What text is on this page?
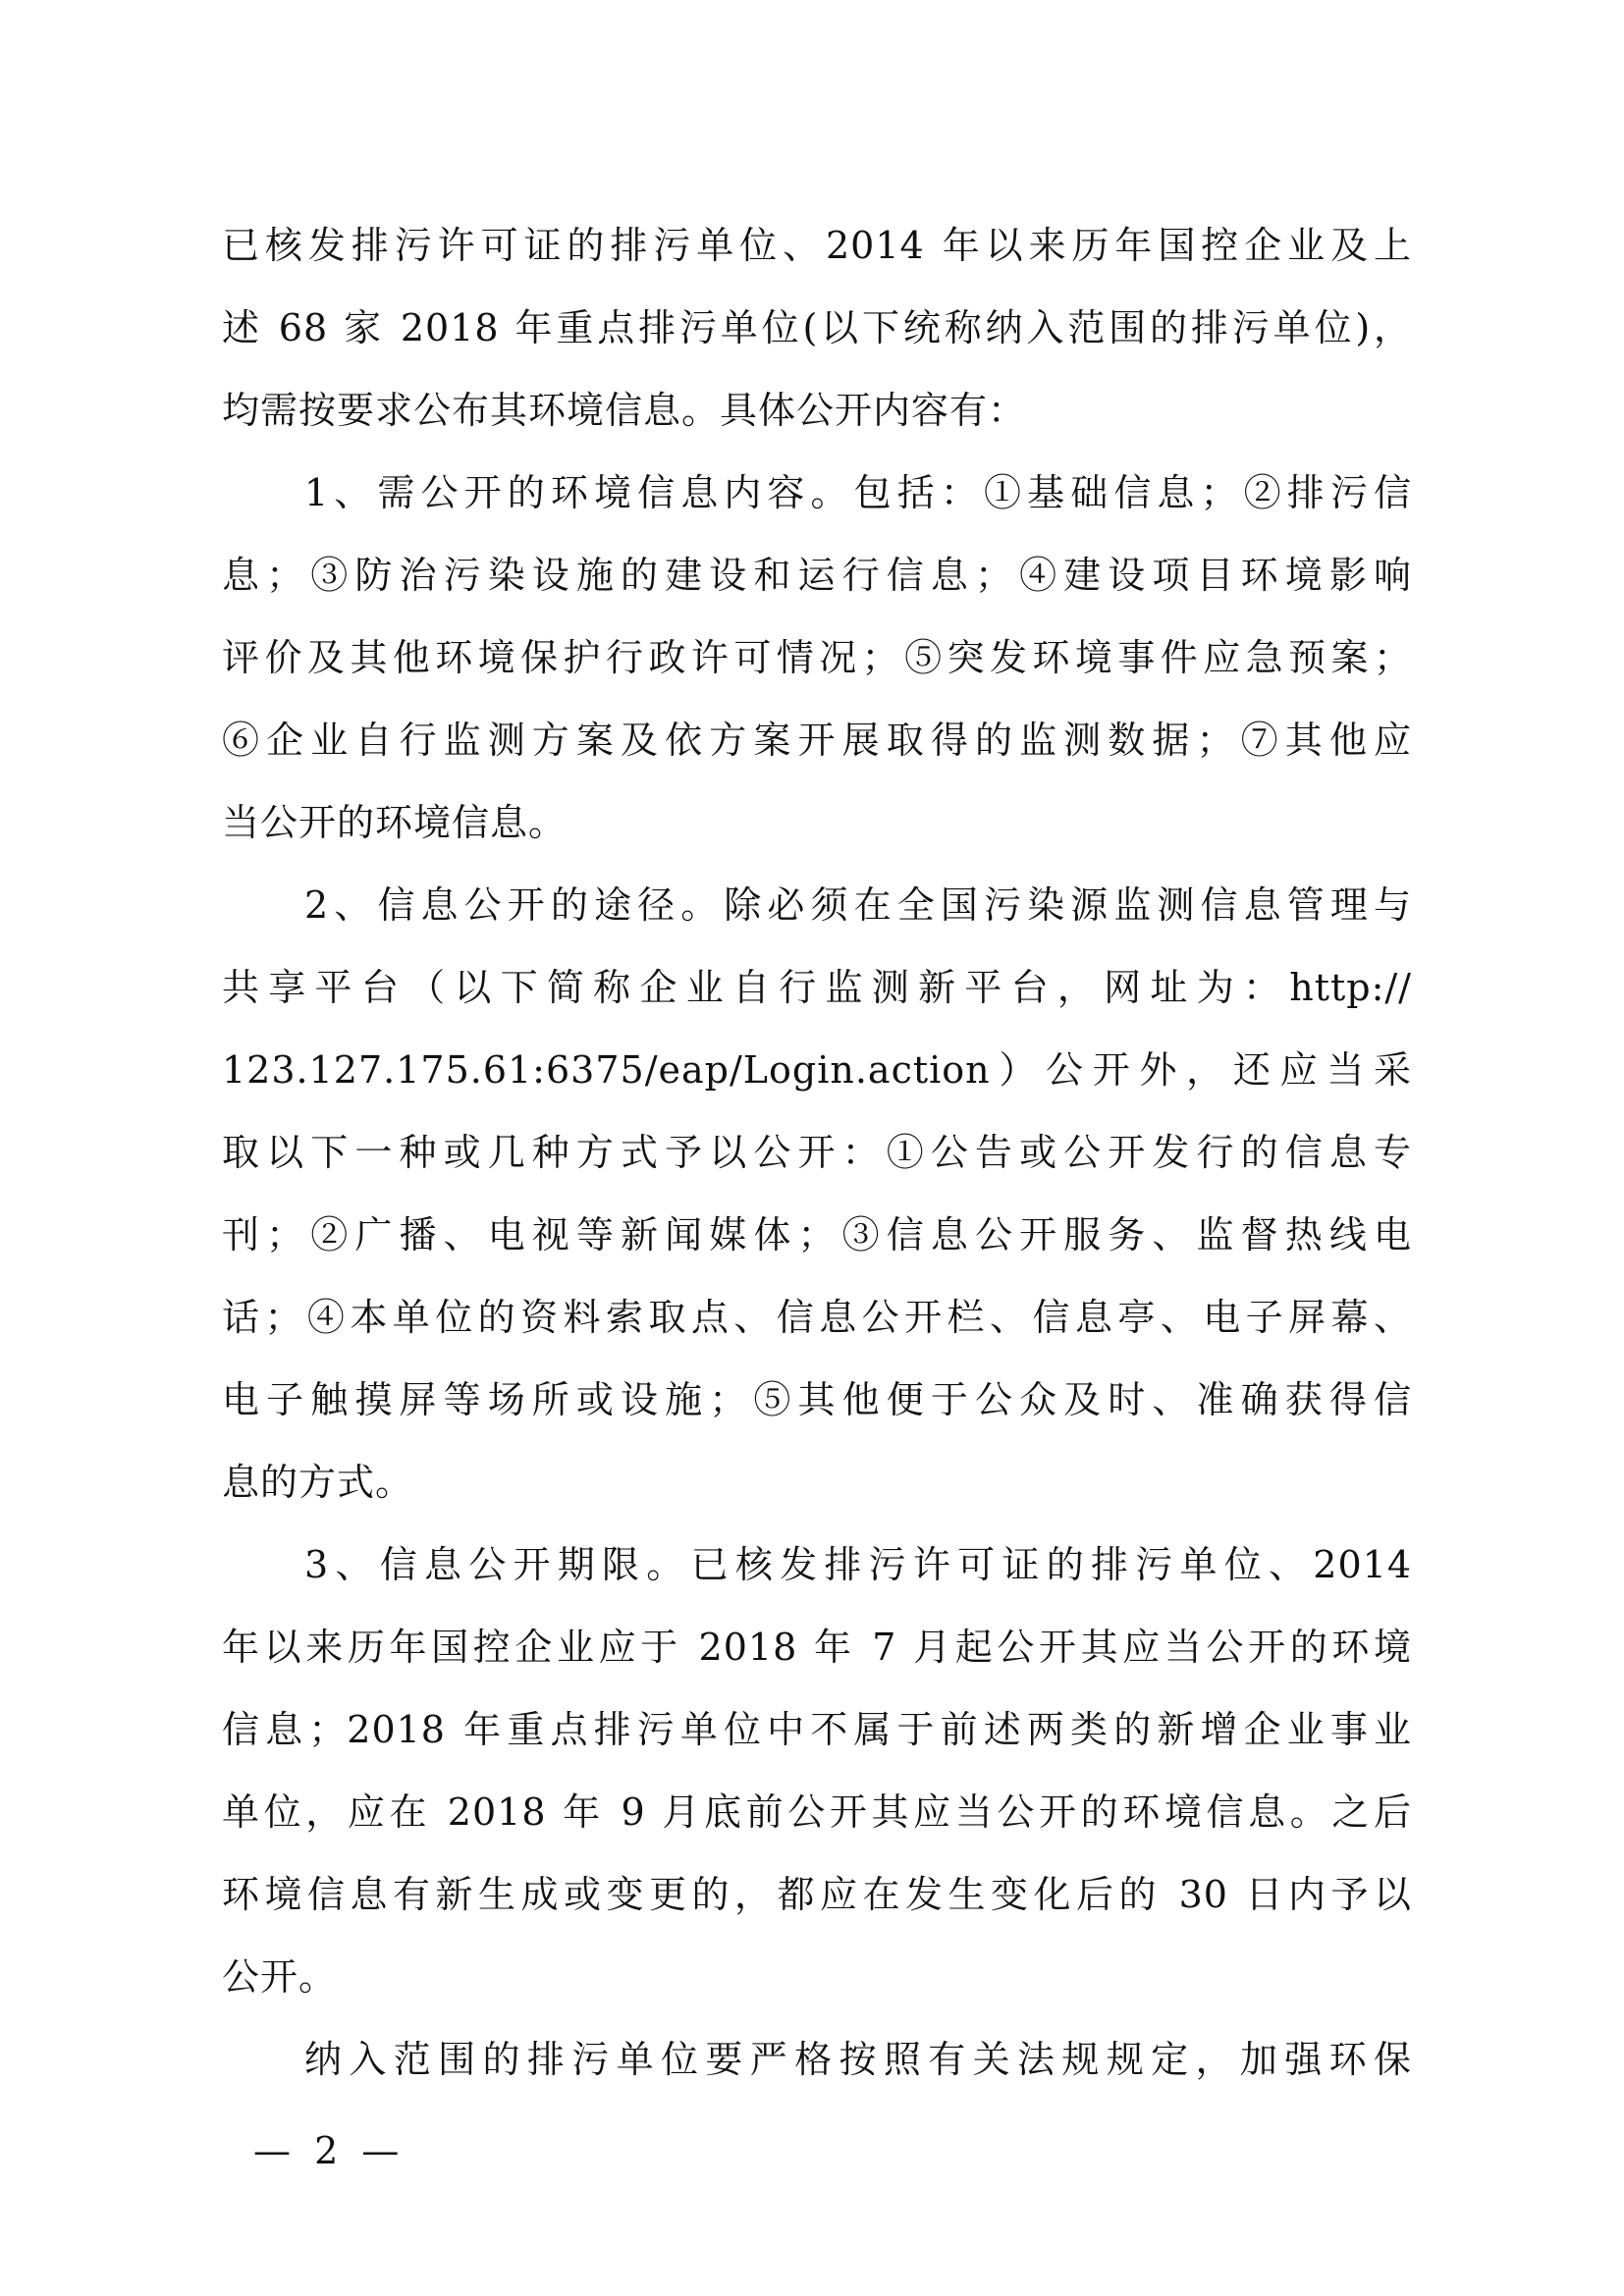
已核发排污许可证的排污单位、2014 年以来历年国控企业及上
述 68 家 2018 年重点排污单位(以下统称纳入范围的排污单位)，
均需按要求公布其环境信息。具体公开内容有：
1、需公开的环境信息内容。包括：①基础信息；②排污信
息；③防治污染设施的建设和运行信息；④建设项目环境影响
评价及其他环境保护行政许可情况；⑤突发环境事件应急预案；
⑥企业自行监测方案及依方案开展取得的监测数据；⑦其他应
当公开的环境信息。
2、信息公开的途径。除必须在全国污染源监测信息管理与
共享平台（以下简称企业自行监测新平台，网址为：http://
123.127.175.61:6375/eap/Login.action）公开外，还应当采
取以下一种或几种方式予以公开：①公告或公开发行的信息专
刊；②广播、电视等新闻媒体；③信息公开服务、监督热线电
话；④本单位的资料索取点、信息公开栏、信息亭、电子屏幕、
电子触摸屏等场所或设施；⑤其他便于公众及时、准确获得信
息的方式。
3、信息公开期限。已核发排污许可证的排污单位、2014
年以来历年国控企业应于 2018 年 7 月起公开其应当公开的环境
信息；2018 年重点排污单位中不属于前述两类的新增企业事业
单位，应在 2018 年 9 月底前公开其应当公开的环境信息。之后
环境信息有新生成或变更的，都应在发生变化后的 30 日内予以
公开。
纳入范围的排污单位要严格按照有关法规规定，加强环保
— 2 —
